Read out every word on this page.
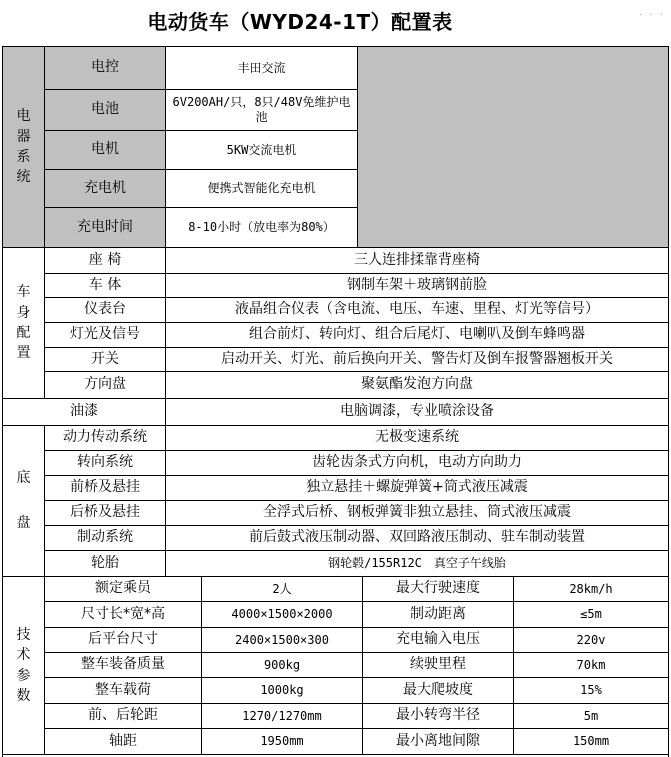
电动货车（WYD24-1T）配置表	· · ·
电
器
系
统
电控	丰田交流
电池	6V200AH/只，8只/48V免维护电池
电机	5KW交流电机
充电机	便携式智能化充电机
充电时间	8-10小时（放电率为80%）
车
身
配
置
座 椅	三人连排揉靠背座椅
车 体	钢制车架＋玻璃钢前脸
仪表台	液晶组合仪表（含电流、电压、车速、里程、灯光等信号）
灯光及信号	组合前灯、转向灯、组合后尾灯、电喇叭及倒车蜂鸣器
开关	启动开关、灯光、前后换向开关、警告灯及倒车报警器翘板开关
方向盘	聚氨酯发泡方向盘
油漆	电脑调漆，专业喷涂设备
底
盘
动力传动系统	无极变速系统
转向系统	齿轮齿条式方向机，电动方向助力
前桥及悬挂	独立悬挂＋螺旋弹簧+筒式液压减震
后桥及悬挂	全浮式后桥、钢板弹簧非独立悬挂、筒式液压减震
制动系统	前后鼓式液压制动器、双回路液压制动、驻车制动装置
轮胎	钢轮毂/155R12C　真空子午线胎
技
术
参
数
额定乘员	2人	最大行驶速度	28km/h
尺寸长*宽*高	4000×1500×2000	制动距离	≤5m
后平台尺寸	2400×1500×300	充电输入电压	220v
整车装备质量	900kg	续驶里程	70km
整车载荷	1000kg	最大爬坡度	15%
前、后轮距	1270/1270mm	最小转弯半径	5m
轴距	1950mm	最小离地间隙	150mm
